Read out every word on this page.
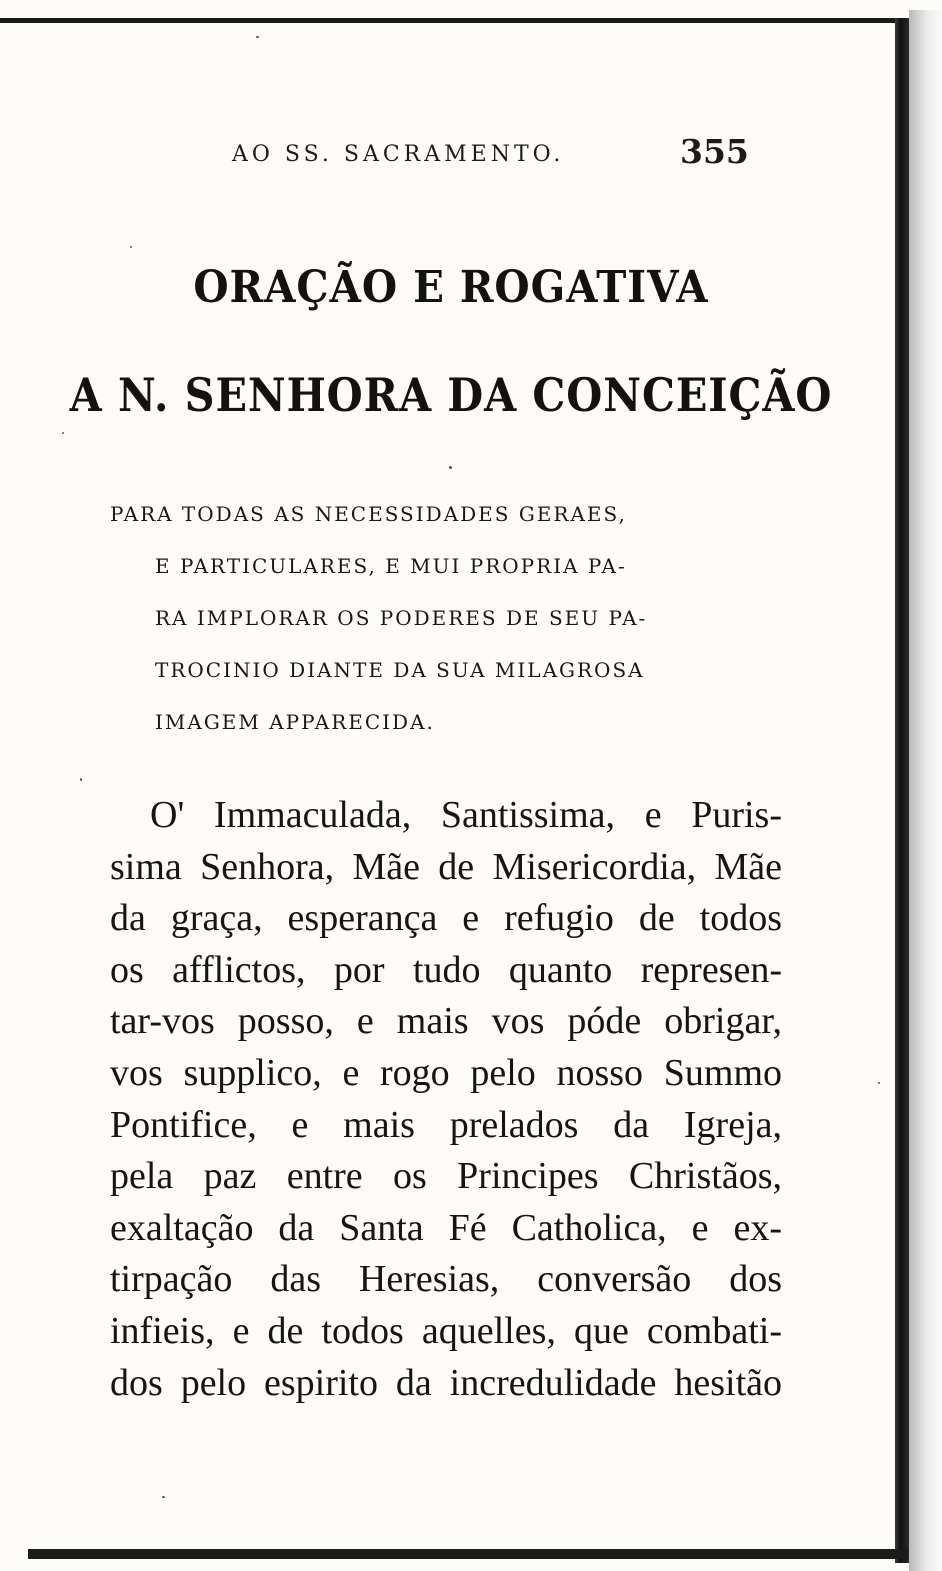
AO SS. SACRAMENTO.	355
ORAÇÃO E ROGATIVA
A N. SENHORA DA CONCEIÇÃO
PARA TODAS AS NECESSIDADES GERAES,
E PARTICULARES, E MUI PROPRIA PA-
RA IMPLORAR OS PODERES DE SEU PA-
TROCINIO DIANTE DA SUA MILAGROSA
IMAGEM APPARECIDA.
O' Immaculada, Santissima, e Puris-
sima Senhora, Mãe de Misericordia, Mãe
da graça, esperança e refugio de todos
os afflictos, por tudo quanto represen-
tar-vos posso, e mais vos póde obrigar,
vos supplico, e rogo pelo nosso Summo
Pontifice, e mais prelados da Igreja,
pela paz entre os Principes Christãos,
exaltação da Santa Fé Catholica, e ex-
tirpação das Heresias, conversão dos
infieis, e de todos aquelles, que combati-
dos pelo espirito da incredulidade hesitão
